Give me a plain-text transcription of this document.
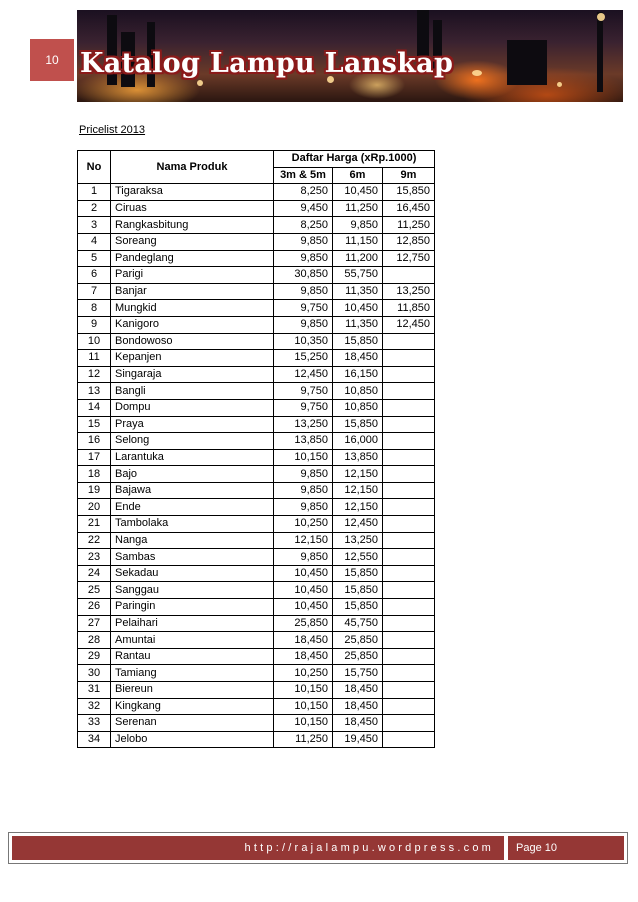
10 Katalog Lampu Lanskap
Pricelist 2013
No	Nama Produk	Daftar Harga (xRp.1000)		
		3m & 5m	6m	9m
1	Tigaraksa	8,250	10,450	15,850
2	Ciruas	9,450	11,250	16,450
3	Rangkasbitung	8,250	9,850	11,250
4	Soreang	9,850	11,150	12,850
5	Pandeglang	9,850	11,200	12,750
6	Parigi	30,850	55,750	
7	Banjar	9,850	11,350	13,250
8	Mungkid	9,750	10,450	11,850
9	Kanigoro	9,850	11,350	12,450
10	Bondowoso	10,350	15,850	
11	Kepanjen	15,250	18,450	
12	Singaraja	12,450	16,150	
13	Bangli	9,750	10,850	
14	Dompu	9,750	10,850	
15	Praya	13,250	15,850	
16	Selong	13,850	16,000	
17	Larantuka	10,150	13,850	
18	Bajo	9,850	12,150	
19	Bajawa	9,850	12,150	
20	Ende	9,850	12,150	
21	Tambolaka	10,250	12,450	
22	Nanga	12,150	13,250	
23	Sambas	9,850	12,550	
24	Sekadau	10,450	15,850	
25	Sanggau	10,450	15,850	
26	Paringin	10,450	15,850	
27	Pelaihari	25,850	45,750	
28	Amuntai	18,450	25,850	
29	Rantau	18,450	25,850	
30	Tamiang	10,250	15,750	
31	Biereun	10,150	18,450	
32	Kingkang	10,150	18,450	
33	Serenan	10,150	18,450	
34	Jelobo	11,250	19,450	
http://rajalampu.wordpress.com	Page 10
